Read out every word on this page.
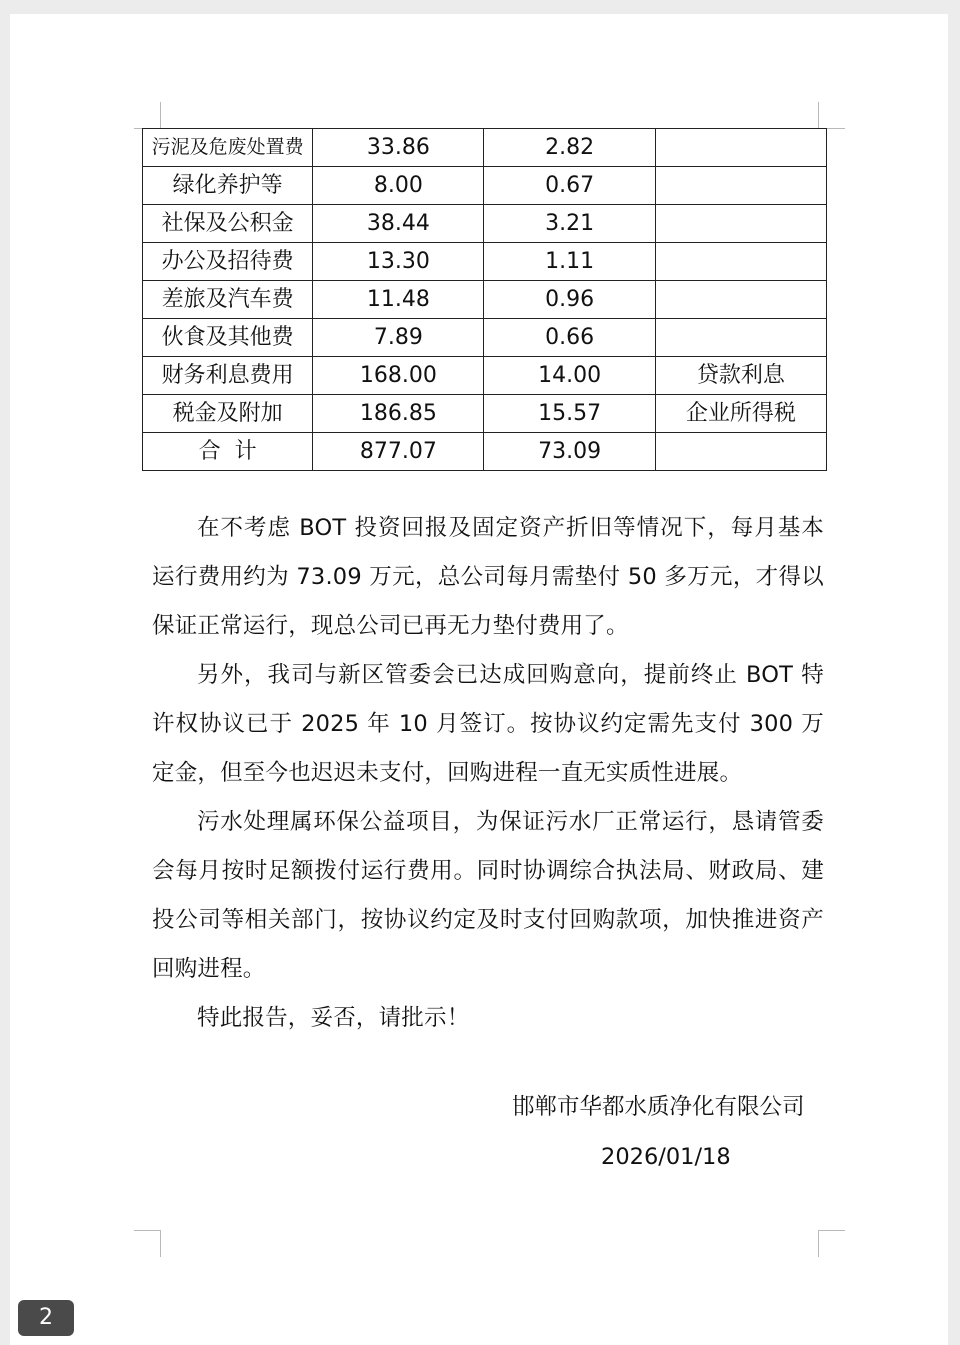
污泥及危废处置费	33.86	2.82	
绿化养护等	8.00	0.67	
社保及公积金	38.44	3.21	
办公及招待费	13.30	1.11	
差旅及汽车费	11.48	0.96	
伙食及其他费	7.89	0.66	
财务利息费用	168.00	14.00	贷款利息
税金及附加	186.85	15.57	企业所得税
合  计	877.07	73.09	

在不考虑 BOT 投资回报及固定资产折旧等情况下，每月基本运行费用约为 73.09 万元，总公司每月需垫付 50 多万元，才得以保证正常运行，现总公司已再无力垫付费用了。

另外，我司与新区管委会已达成回购意向，提前终止 BOT 特许权协议已于 2025 年 10 月签订。按协议约定需先支付 300 万定金，但至今也迟迟未支付，回购进程一直无实质性进展。

污水处理属环保公益项目，为保证污水厂正常运行，恳请管委会每月按时足额拨付运行费用。同时协调综合执法局、财政局、建投公司等相关部门，按协议约定及时支付回购款项，加快推进资产回购进程。

特此报告，妥否，请批示！

邯郸市华都水质净化有限公司
2026/01/18
2
